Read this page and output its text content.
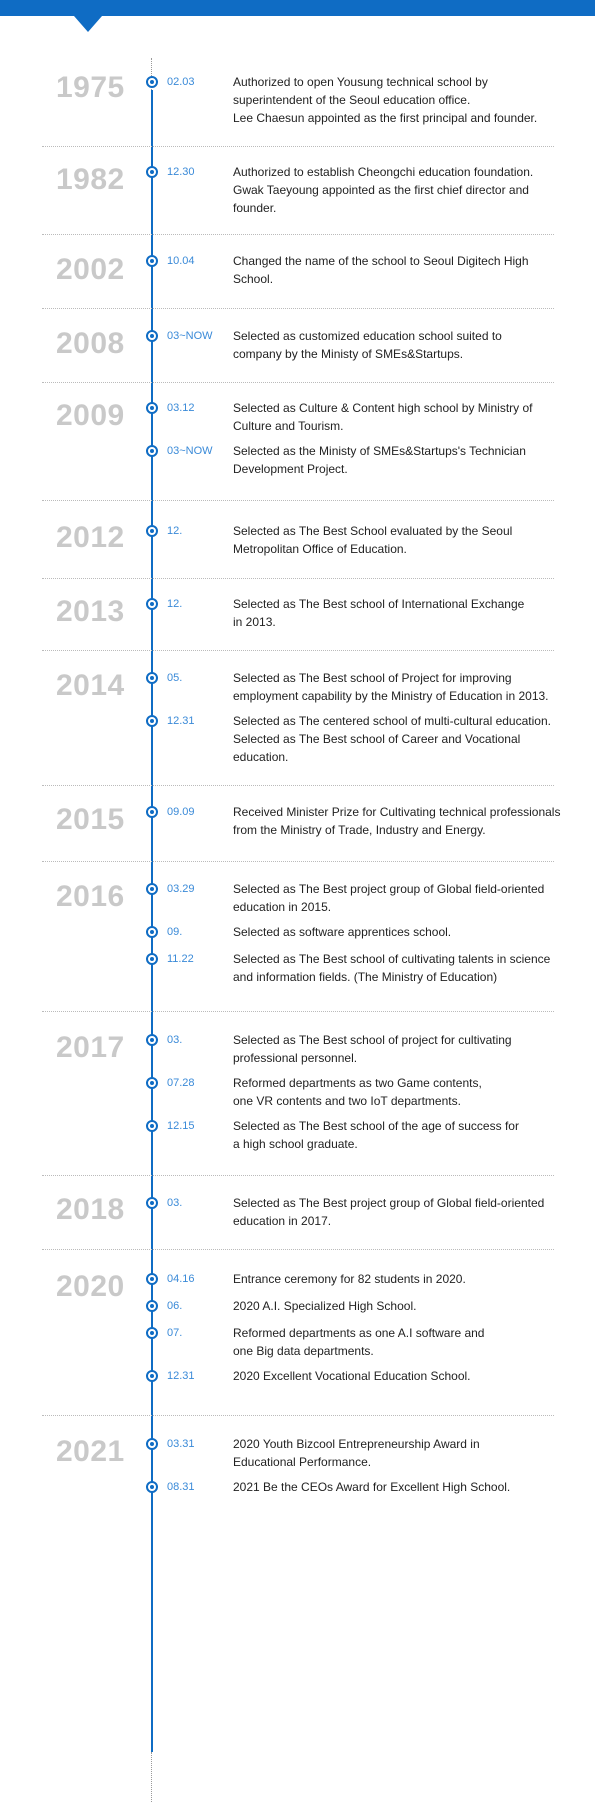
1975	02.03	Authorized to open Yousung technical school by
superintendent of the Seoul education office.
Lee Chaesun appointed as the first principal and founder.
1982	12.30	Authorized to establish Cheongchi education foundation.
Gwak Taeyoung appointed as the first chief director and
founder.
2002	10.04	Changed the name of the school to Seoul Digitech High
School.
2008	03~NOW Selected as customized education school suited to
company by the Ministy of SMEs&Startups.
2009	03.12	Selected as Culture & Content high school by Ministry of
Culture and Tourism.
03~NOW Selected as the Ministy of SMEs&Startups's Technician
Development Project.
2012	12.	Selected as The Best School evaluated by the Seoul
Metropolitan Office of Education.
2013	12.	Selected as The Best school of International Exchange
in 2013.
2014	05.	Selected as The Best school of Project for improving
employment capability by the Ministry of Education in 2013.
12.31	Selected as The centered school of multi-cultural education.
Selected as The Best school of Career and Vocational
education.
2015	09.09	Received Minister Prize for Cultivating technical professionals
from the Ministry of Trade, Industry and Energy.
2016	03.29	Selected as The Best project group of Global field-oriented
education in 2015.
09.	Selected as software apprentices school.
11.22	Selected as The Best school of cultivating talents in science
and information fields. (The Ministry of Education)
2017	03.	Selected as The Best school of project for cultivating
professional personnel.
07.28	Reformed departments as two Game contents,
one VR contents and two IoT departments.
12.15	Selected as The Best school of the age of success for
a high school graduate.
2018	03.	Selected as The Best project group of Global field-oriented
education in 2017.
2020	04.16	Entrance ceremony for 82 students in 2020.
06.	2020 A.I. Specialized High School.
07.	Reformed departments as one A.I software and
one Big data departments.
12.31	2020 Excellent Vocational Education School.
2021	03.31	2020 Youth Bizcool Entrepreneurship Award in
Educational Performance.
08.31	2021 Be the CEOs Award for Excellent High School.
